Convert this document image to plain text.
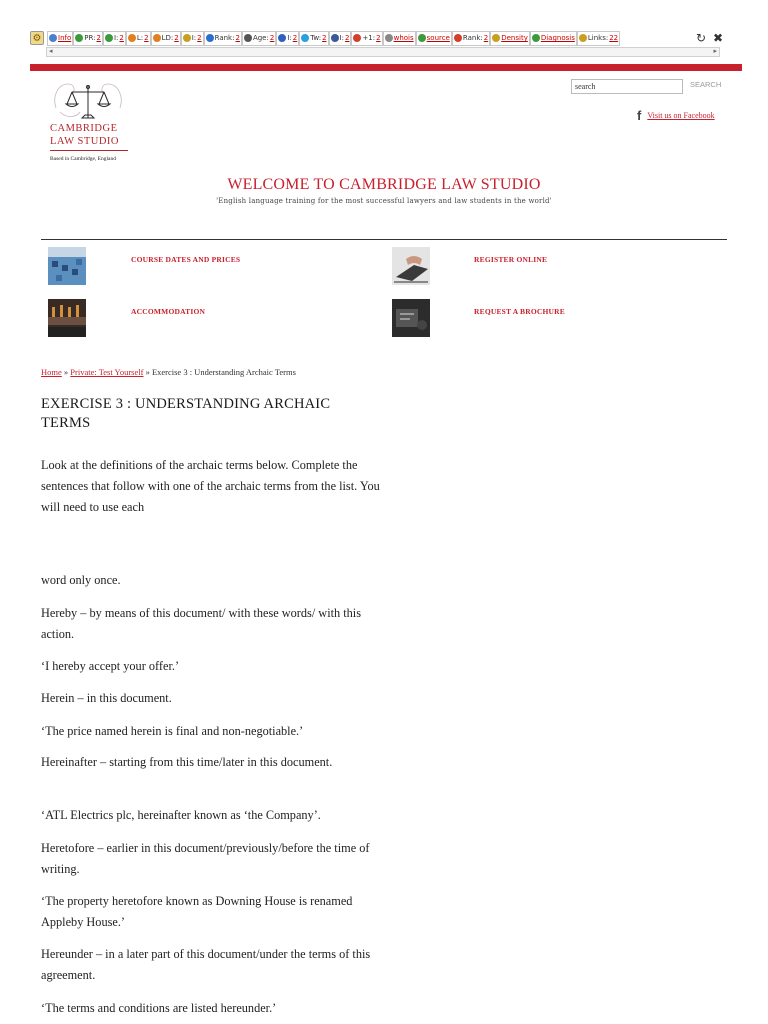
⚙	Info PR: 2 I: 2 L: 2 LD: 2 I: 2 Rank: 2 Age: 2 I: 2 Tw: 2 I: 2 +1: 2 whois source Rank: 2 Density Diagnosis Links: 22	↻ ✖
◂	▸
CAMBRIDGE
LAW STUDIO
Based in Cambridge, England
search
SEARCH
f Visit us on Facebook
WELCOME TO CAMBRIDGE LAW STUDIO
'English language training for the most successful lawyers and law students in the world'
COURSE DATES AND PRICES	REGISTER ONLINE
ACCOMMODATION	REQUEST A BROCHURE
Home » Private: Test Yourself » Exercise 3 : Understanding Archaic Terms
EXERCISE 3 : UNDERSTANDING ARCHAIC TERMS
Look at the definitions of the archaic terms below. Complete the sentences that follow with one of the archaic terms from the list. You will need to use each
word only once.
Hereby – by means of this document/ with these words/ with this action.
‘I hereby accept your offer.’
Herein – in this document.
‘The price named herein is final and non-negotiable.’
Hereinafter – starting from this time/later in this document.
‘ATL Electrics plc, hereinafter known as ‘the Company’.
Heretofore – earlier in this document/previously/before the time of writing.
‘The property heretofore known as Downing House is renamed Appleby House.’
Hereunder – in a later part of this document/under the terms of this agreement.
‘The terms and conditions are listed hereunder.’
